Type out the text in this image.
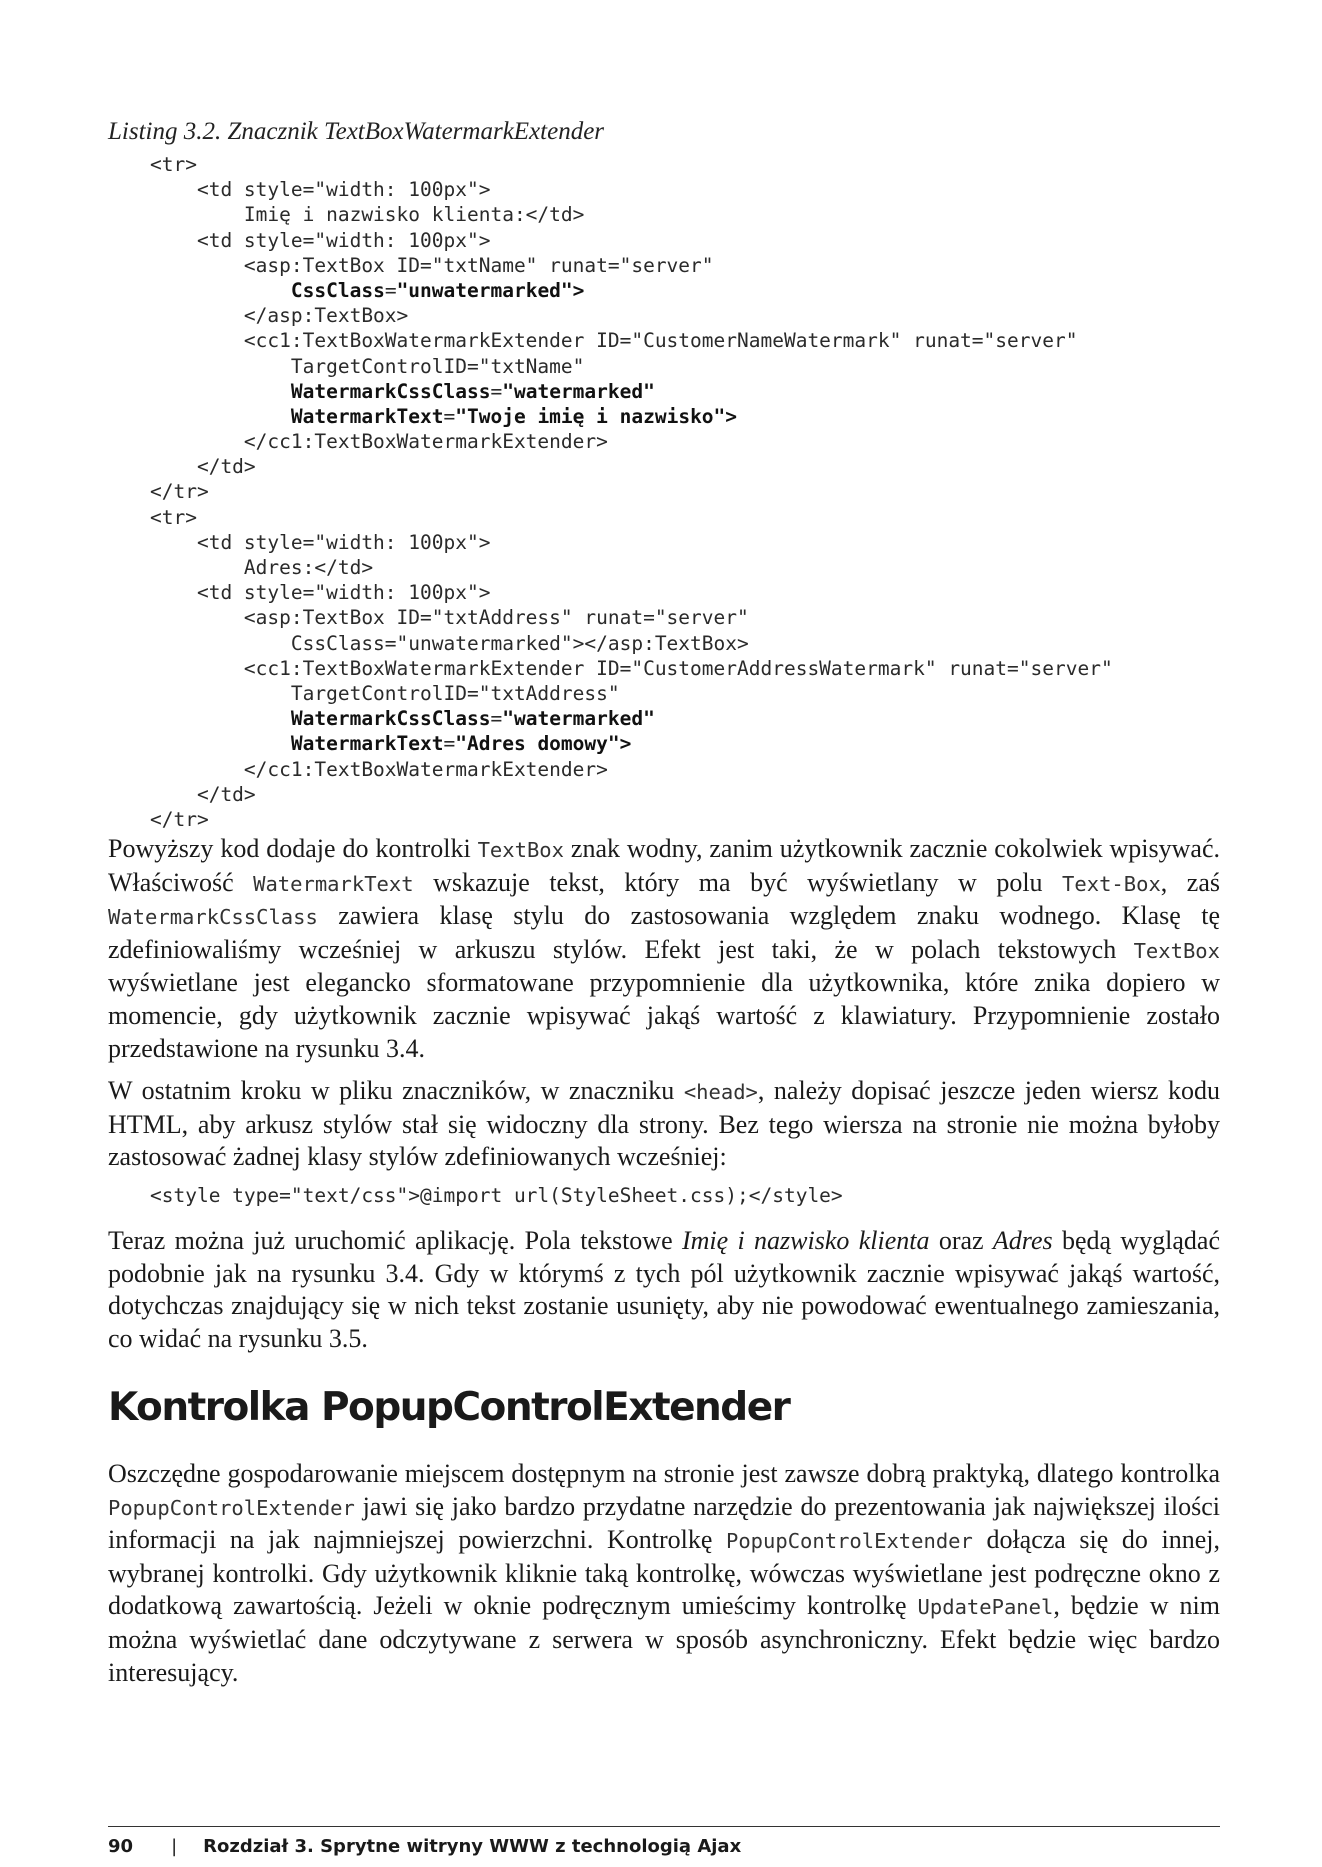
Listing 3.2. Znacznik TextBoxWatermarkExtender
<tr>
<td style="width: 100px">
Imię i nazwisko klienta:</td>
<td style="width: 100px">
<asp:TextBox ID="txtName" runat="server"
CssClass="unwatermarked">
</asp:TextBox>
<cc1:TextBoxWatermarkExtender ID="CustomerNameWatermark" runat="server"
TargetControlID="txtName"
WatermarkCssClass="watermarked"
WatermarkText="Twoje imię i nazwisko">
</cc1:TextBoxWatermarkExtender>
</td>
</tr>
<tr>
<td style="width: 100px">
Adres:</td>
<td style="width: 100px">
<asp:TextBox ID="txtAddress" runat="server"
CssClass="unwatermarked"></asp:TextBox>
<cc1:TextBoxWatermarkExtender ID="CustomerAddressWatermark" runat="server"
TargetControlID="txtAddress"
WatermarkCssClass="watermarked"
WatermarkText="Adres domowy">
</cc1:TextBoxWatermarkExtender>
</td>
</tr>

Powyższy kod dodaje do kontrolki TextBox znak wodny, zanim użytkownik zacznie cokolwiek wpisywać. Właściwość WatermarkText wskazuje tekst, który ma być wyświetlany w polu Text-Box, zaś WatermarkCssClass zawiera klasę stylu do zastosowania względem znaku wodnego. Klasę tę zdefiniowaliśmy wcześniej w arkuszu stylów. Efekt jest taki, że w polach tekstowych TextBox wyświetlane jest elegancko sformatowane przypomnienie dla użytkownika, które znika dopiero w momencie, gdy użytkownik zacznie wpisywać jakąś wartość z klawiatury. Przypomnienie zostało przedstawione na rysunku 3.4.

W ostatnim kroku w pliku znaczników, w znaczniku <head>, należy dopisać jeszcze jeden wiersz kodu HTML, aby arkusz stylów stał się widoczny dla strony. Bez tego wiersza na stronie nie można byłoby zastosować żadnej klasy stylów zdefiniowanych wcześniej:

<style type="text/css">@import url(StyleSheet.css);</style>

Teraz można już uruchomić aplikację. Pola tekstowe Imię i nazwisko klienta oraz Adres będą wyglądać podobnie jak na rysunku 3.4. Gdy w którymś z tych pól użytkownik zacznie wpisywać jakąś wartość, dotychczas znajdujący się w nich tekst zostanie usunięty, aby nie powodować ewentualnego zamieszania, co widać na rysunku 3.5.

Kontrolka PopupControlExtender

Oszczędne gospodarowanie miejscem dostępnym na stronie jest zawsze dobrą praktyką, dlatego kontrolka PopupControlExtender jawi się jako bardzo przydatne narzędzie do prezentowania jak największej ilości informacji na jak najmniejszej powierzchni. Kontrolkę PopupControlExtender dołącza się do innej, wybranej kontrolki. Gdy użytkownik kliknie taką kontrolkę, wówczas wyświetlane jest podręczne okno z dodatkową zawartością. Jeżeli w oknie podręcznym umieścimy kontrolkę UpdatePanel, będzie w nim można wyświetlać dane odczytywane z serwera w sposób asynchroniczny. Efekt będzie więc bardzo interesujący.

90 | Rozdział 3. Sprytne witryny WWW z technologią Ajax
